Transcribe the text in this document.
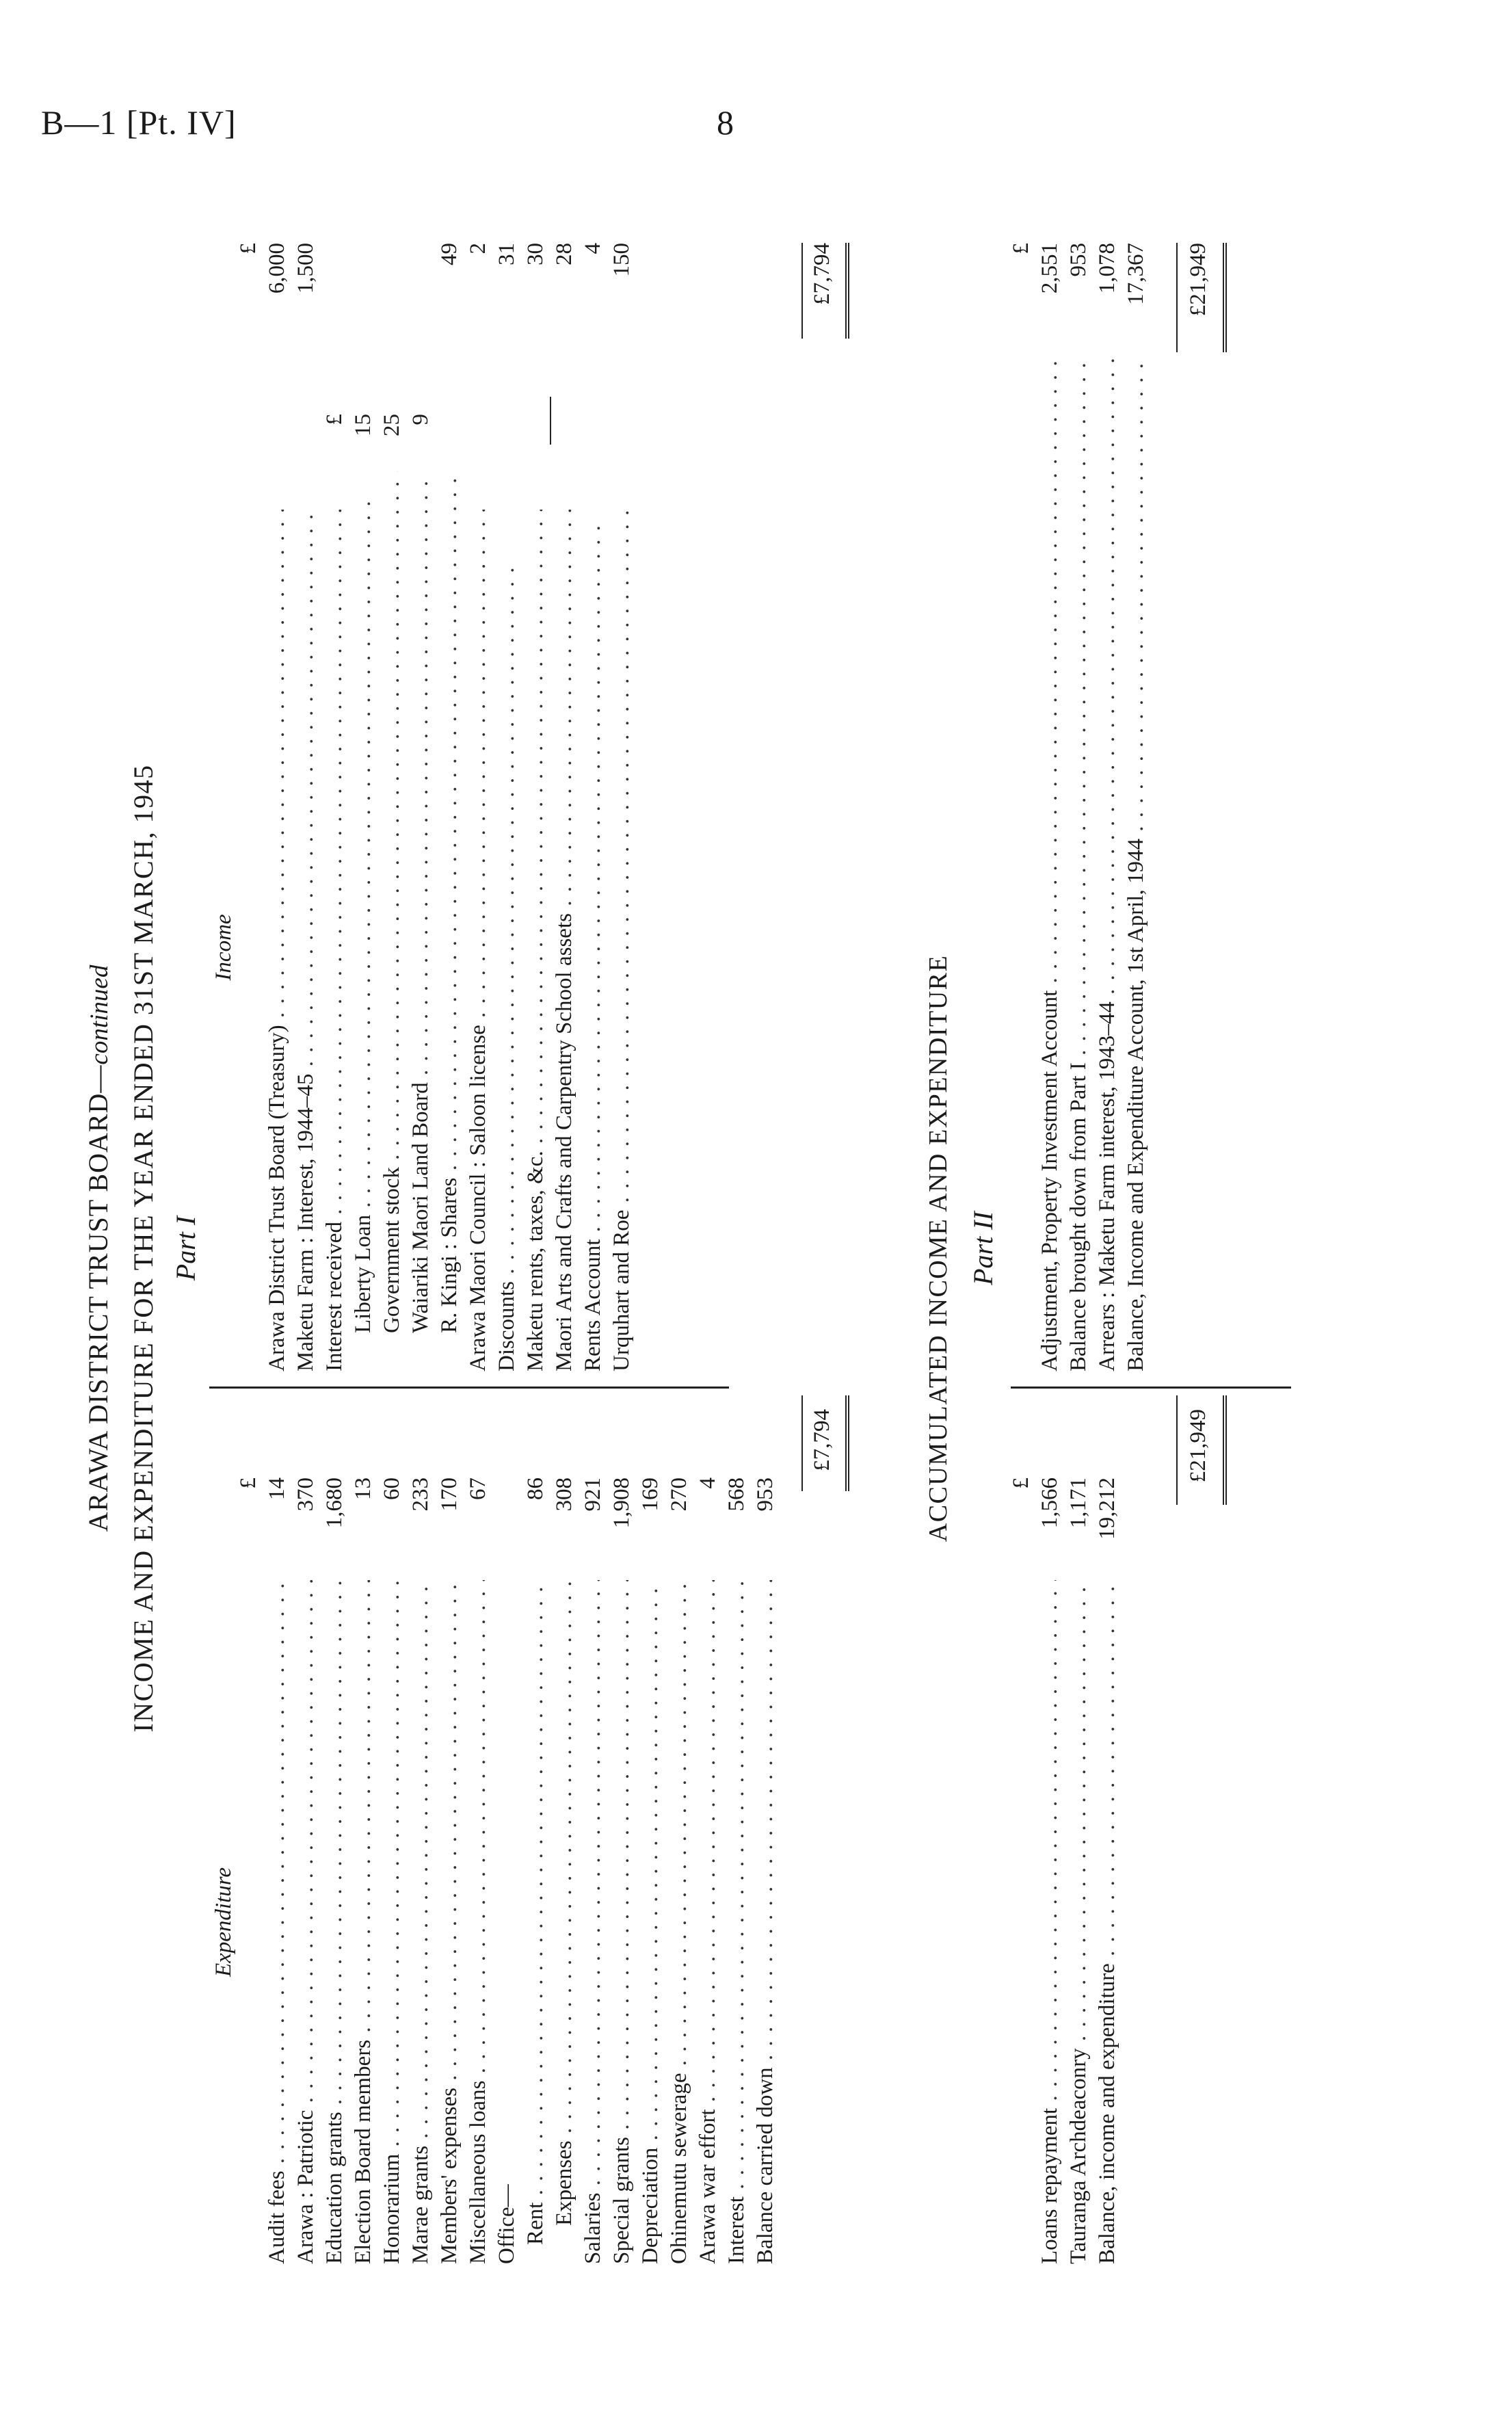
B—1 [Pt. IV]	8
ARAWA DISTRICT TRUST BOARD—continued INCOME AND EXPENDITURE FOR THE YEAR ENDED 31ST MARCH, 1945 Part I
Expenditure
£
Audit fees . .
14
Arawa : Patriotic . .
370
Education grants . .
1,680
Election Board members . .
13
Honorarium . .
60
Marae grants . .
233
Members' expenses . .
170
Miscellaneous loans . .
67
Office— Rent . .
86
Expenses . .
308
Salaries . .
921
Special grants . .
1,908
Depreciation . .
169
Ohinemutu sewerage . .
270
Arawa war effort . .
4
Interest . .
568
Balance carried down . .
953
Income
£
Arawa District Trust Board (Treasury) . .
6,000
Maketu Farm : Interest, 1944–45 . .
1,500
Interest received . .
£
Liberty Loan . .
15
Government stock . .
25
Waiariki Maori Land Board . .
9
R. Kingi : Shares . .
49
Arawa Maori Council : Saloon license . .
2
Discounts . .
31
Maketu rents, taxes, &c. . .
30
Maori Arts and Crafts and Carpentry School assets . .
28
Rents Account . .
4
Urquhart and Roe . .
150
£7,794
£7,794
ACCUMULATED INCOME AND EXPENDITURE Part II
£
Loans repayment . .
1,566
Tauranga Archdeaconry . .
1,171
Balance, income and expenditure . .
19,212
£
Adjustment, Property Investment Account . .
2,551
Balance brought down from Part I . .
953
Arrears : Maketu Farm interest, 1943–44 . .
1,078
Balance, Income and Expenditure Account, 1st April, 1944 . .
17,367
£21,949
£21,949
